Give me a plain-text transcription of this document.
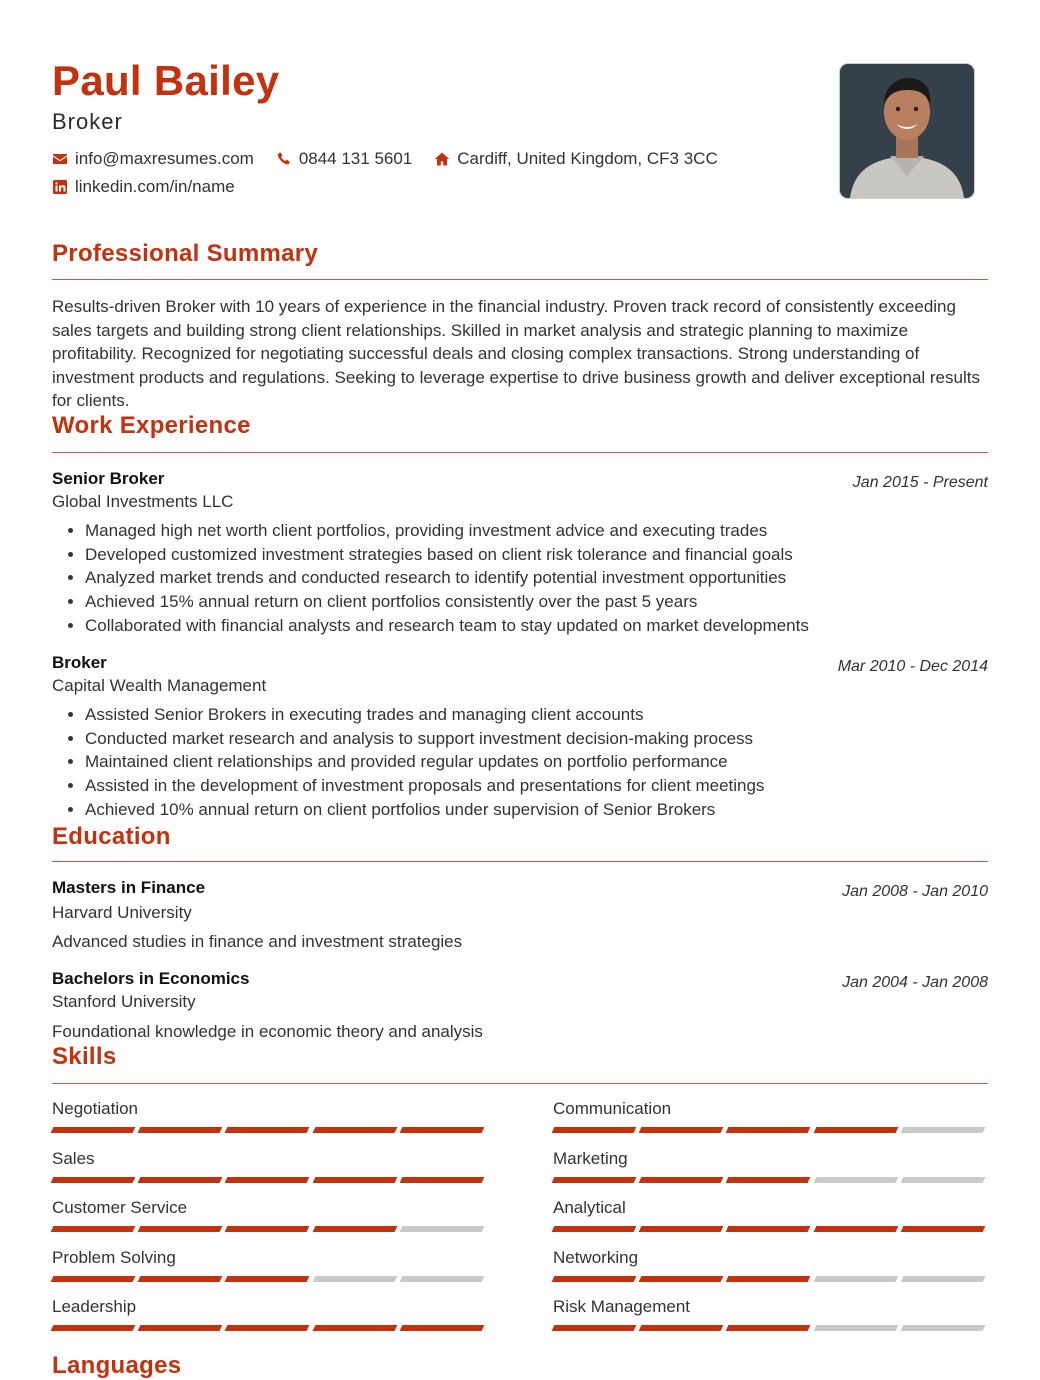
Paul Bailey
Broker
info@maxresumes.com	0844 131 5601	Cardiff, United Kingdom, CF3 3CC
linkedin.com/in/name
Professional Summary
Results-driven Broker with 10 years of experience in the financial industry. Proven track record of consistently exceeding sales targets and building strong client relationships. Skilled in market analysis and strategic planning to maximize profitability. Recognized for negotiating successful deals and closing complex transactions. Strong understanding of investment products and regulations. Seeking to leverage expertise to drive business growth and deliver exceptional results for clients.
Work Experience
Senior Broker	Jan 2015 - Present
Global Investments LLC
• Managed high net worth client portfolios, providing investment advice and executing trades
• Developed customized investment strategies based on client risk tolerance and financial goals
• Analyzed market trends and conducted research to identify potential investment opportunities
• Achieved 15% annual return on client portfolios consistently over the past 5 years
• Collaborated with financial analysts and research team to stay updated on market developments
Broker	Mar 2010 - Dec 2014
Capital Wealth Management
• Assisted Senior Brokers in executing trades and managing client accounts
• Conducted market research and analysis to support investment decision-making process
• Maintained client relationships and provided regular updates on portfolio performance
• Assisted in the development of investment proposals and presentations for client meetings
• Achieved 10% annual return on client portfolios under supervision of Senior Brokers
Education
Masters in Finance	Jan 2008 - Jan 2010
Harvard University
Advanced studies in finance and investment strategies
Bachelors in Economics	Jan 2004 - Jan 2008
Stanford University
Foundational knowledge in economic theory and analysis
Skills
Negotiation	Communication
Sales	Marketing
Customer Service	Analytical
Problem Solving	Networking
Leadership	Risk Management
Languages
